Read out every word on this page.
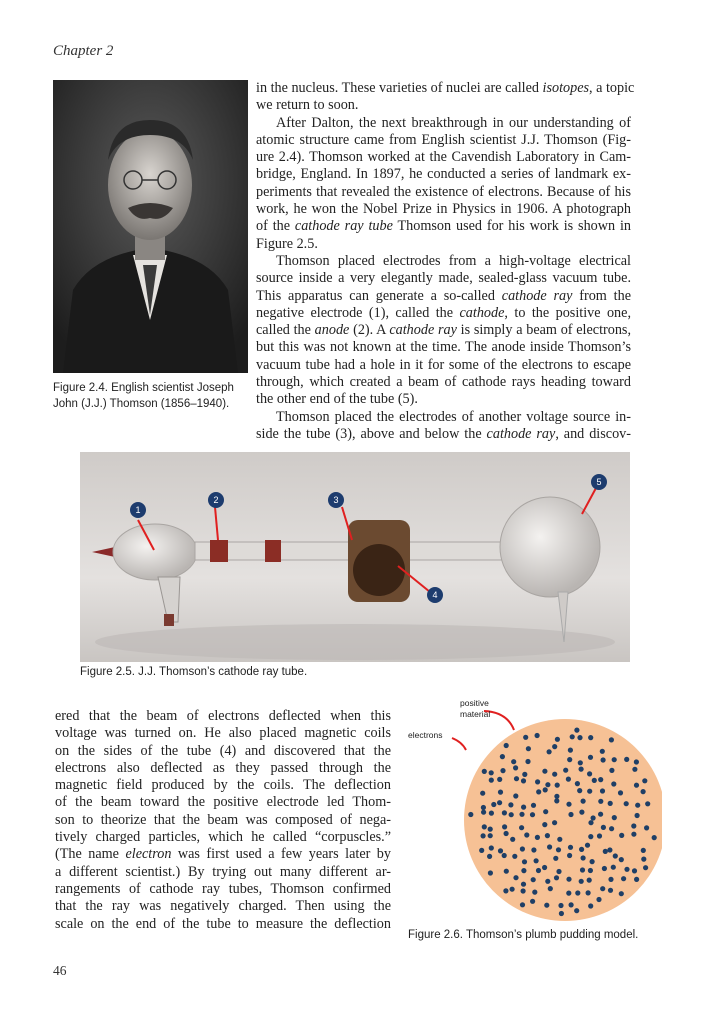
Chapter 2
Figure 2.4. English scientist Joseph
John (J.J.) Thomson (1856–1940).
in the nucleus. These varieties of nuclei are called isotopes, a topic
we return to soon.
After Dalton, the next breakthrough in our understanding of
atomic structure came from English scientist J.J. Thomson (Fig-
ure 2.4). Thomson worked at the Cavendish Laboratory in Cam-
bridge, England. In 1897, he conducted a series of landmark ex-
periments that revealed the existence of electrons. Because of his
work, he won the Nobel Prize in Physics in 1906. A photograph
of the cathode ray tube Thomson used for his work is shown in
Figure 2.5.
Thomson placed electrodes from a high-voltage electrical
source inside a very elegantly made, sealed-glass vacuum tube.
This apparatus can generate a so-called cathode ray from the
negative electrode (1), called the cathode, to the positive one,
called the anode (2). A cathode ray is simply a beam of electrons,
but this was not known at the time. The anode inside Thomson’s
vacuum tube had a hole in it for some of the electrons to escape
through, which created a beam of cathode rays heading toward
the other end of the tube (5).
Thomson placed the electrodes of another voltage source in-
side the tube (3), above and below the cathode ray, and discov-
1
2	3
4
5
Figure 2.5. J.J. Thomson’s cathode ray tube.
ered that the beam of electrons deflected when this
voltage was turned on. He also placed magnetic coils
on the sides of the tube (4) and discovered that the
electrons also deflected as they passed through the
magnetic field produced by the coils. The deflection
of the beam toward the positive electrode led Thom-
son to theorize that the beam was composed of nega-
tively charged particles, which he called “corpuscles.”
(The name electron was first used a few years later by
a different scientist.) By trying out many different ar-
rangements of cathode ray tubes, Thomson confirmed
that the ray was negatively charged. Then using the
scale on the end of the tube to measure the deflection
positive
material
electrons
Figure 2.6. Thomson’s plumb pudding model.
46
